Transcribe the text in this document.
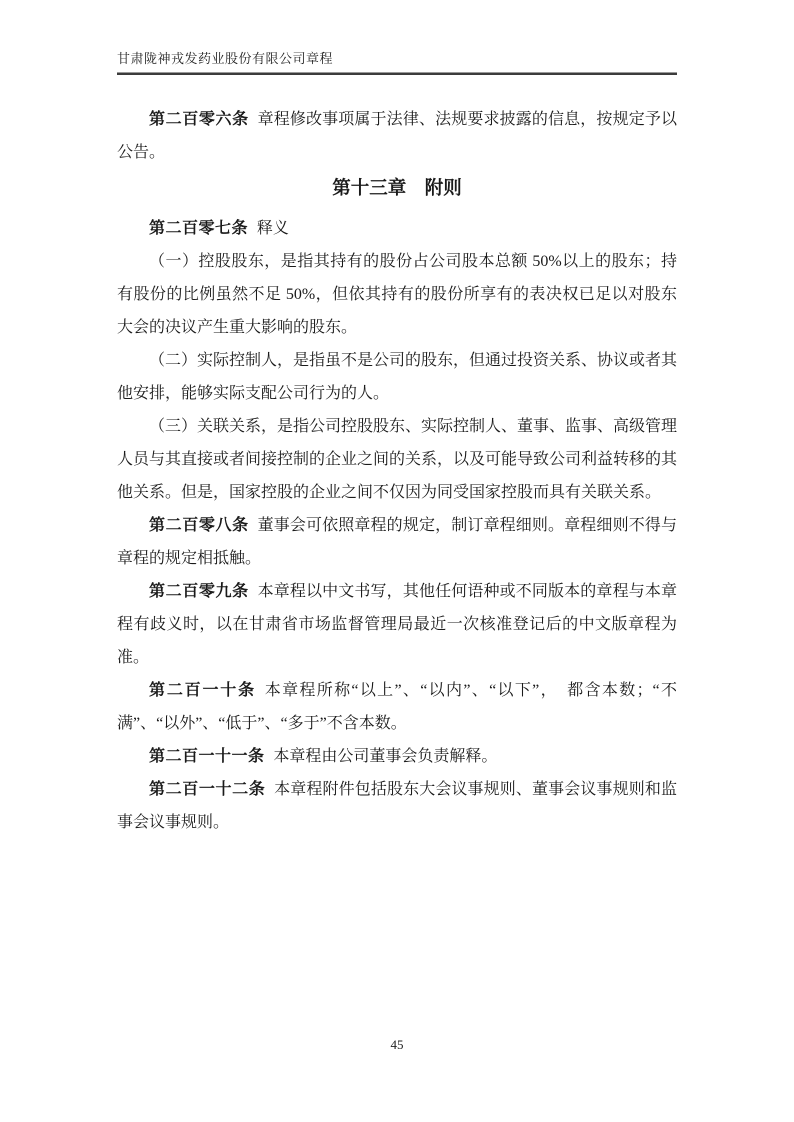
甘肃陇神戎发药业股份有限公司章程

第二百零六条 章程修改事项属于法律、法规要求披露的信息，按规定予以公告。

第十三章　附则

第二百零七条 释义

（一）控股股东，是指其持有的股份占公司股本总额 50%以上的股东；持有股份的比例虽然不足 50%，但依其持有的股份所享有的表决权已足以对股东大会的决议产生重大影响的股东。

（二）实际控制人，是指虽不是公司的股东，但通过投资关系、协议或者其他安排，能够实际支配公司行为的人。

（三）关联关系，是指公司控股股东、实际控制人、董事、监事、高级管理人员与其直接或者间接控制的企业之间的关系，以及可能导致公司利益转移的其他关系。但是，国家控股的企业之间不仅因为同受国家控股而具有关联关系。

第二百零八条 董事会可依照章程的规定，制订章程细则。章程细则不得与章程的规定相抵触。

第二百零九条 本章程以中文书写，其他任何语种或不同版本的章程与本章程有歧义时，以在甘肃省市场监督管理局最近一次核准登记后的中文版章程为准。

第二百一十条 本章程所称“以上”、“以内”、“以下”，　都含本数；“不满”、“以外”、“低于”、“多于”不含本数。

第二百一十一条 本章程由公司董事会负责解释。

第二百一十二条 本章程附件包括股东大会议事规则、董事会议事规则和监事会议事规则。

45
